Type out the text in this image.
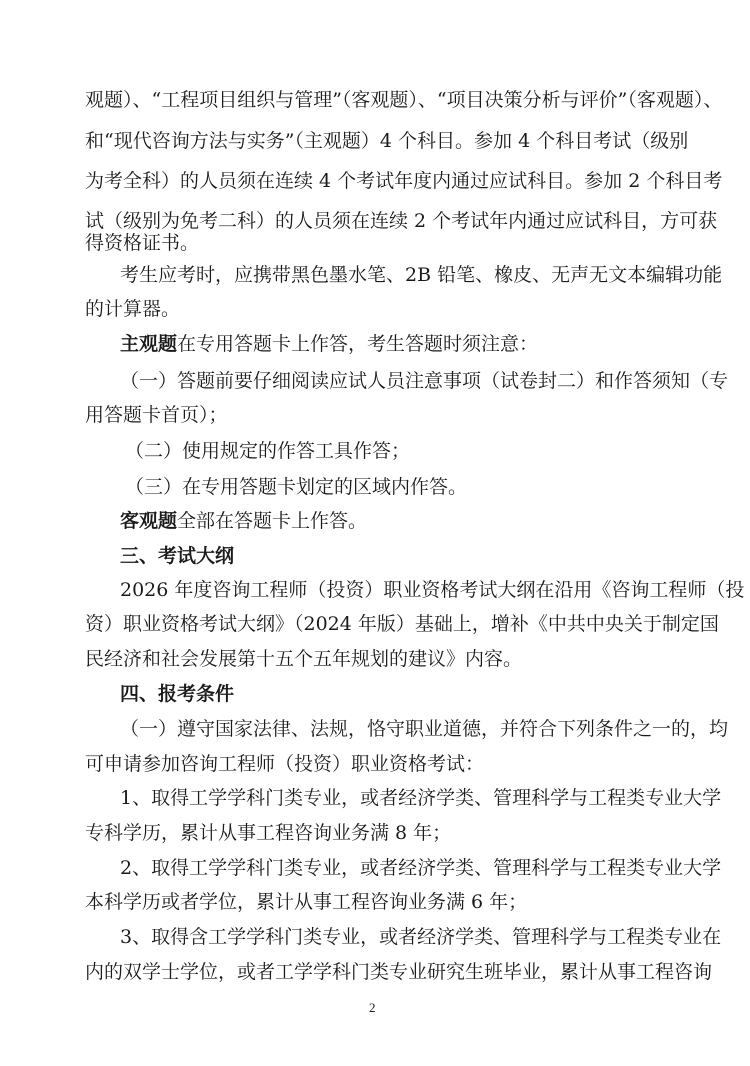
观题）、“工程项目组织与管理”（客观题）、“项目决策分析与评价”（客观题）、

和“现代咨询方法与实务”（主观题）4 个科目。参加 4 个科目考试（级别

为考全科）的人员须在连续 4 个考试年度内通过应试科目。参加 2 个科目考

试（级别为免考二科）的人员须在连续 2 个考试年内通过应试科目，方可获

得资格证书。

考生应考时，应携带黑色墨水笔、2B 铅笔、橡皮、无声无文本编辑功能

的计算器。

主观题在专用答题卡上作答，考生答题时须注意：

（一）答题前要仔细阅读应试人员注意事项（试卷封二）和作答须知（专

用答题卡首页）；

（二）使用规定的作答工具作答；

（三）在专用答题卡划定的区域内作答。

客观题全部在答题卡上作答。

三、考试大纲

2026 年度咨询工程师（投资）职业资格考试大纲在沿用《咨询工程师（投

资）职业资格考试大纲》（2024 年版）基础上，增补《中共中央关于制定国

民经济和社会发展第十五个五年规划的建议》内容。

四、报考条件

（一）遵守国家法律、法规，恪守职业道德，并符合下列条件之一的，均

可申请参加咨询工程师（投资）职业资格考试：

1、取得工学学科门类专业，或者经济学类、管理科学与工程类专业大学

专科学历，累计从事工程咨询业务满 8 年；

2、取得工学学科门类专业，或者经济学类、管理科学与工程类专业大学

本科学历或者学位，累计从事工程咨询业务满 6 年；

3、取得含工学学科门类专业，或者经济学类、管理科学与工程类专业在

内的双学士学位，或者工学学科门类专业研究生班毕业，累计从事工程咨询

2
